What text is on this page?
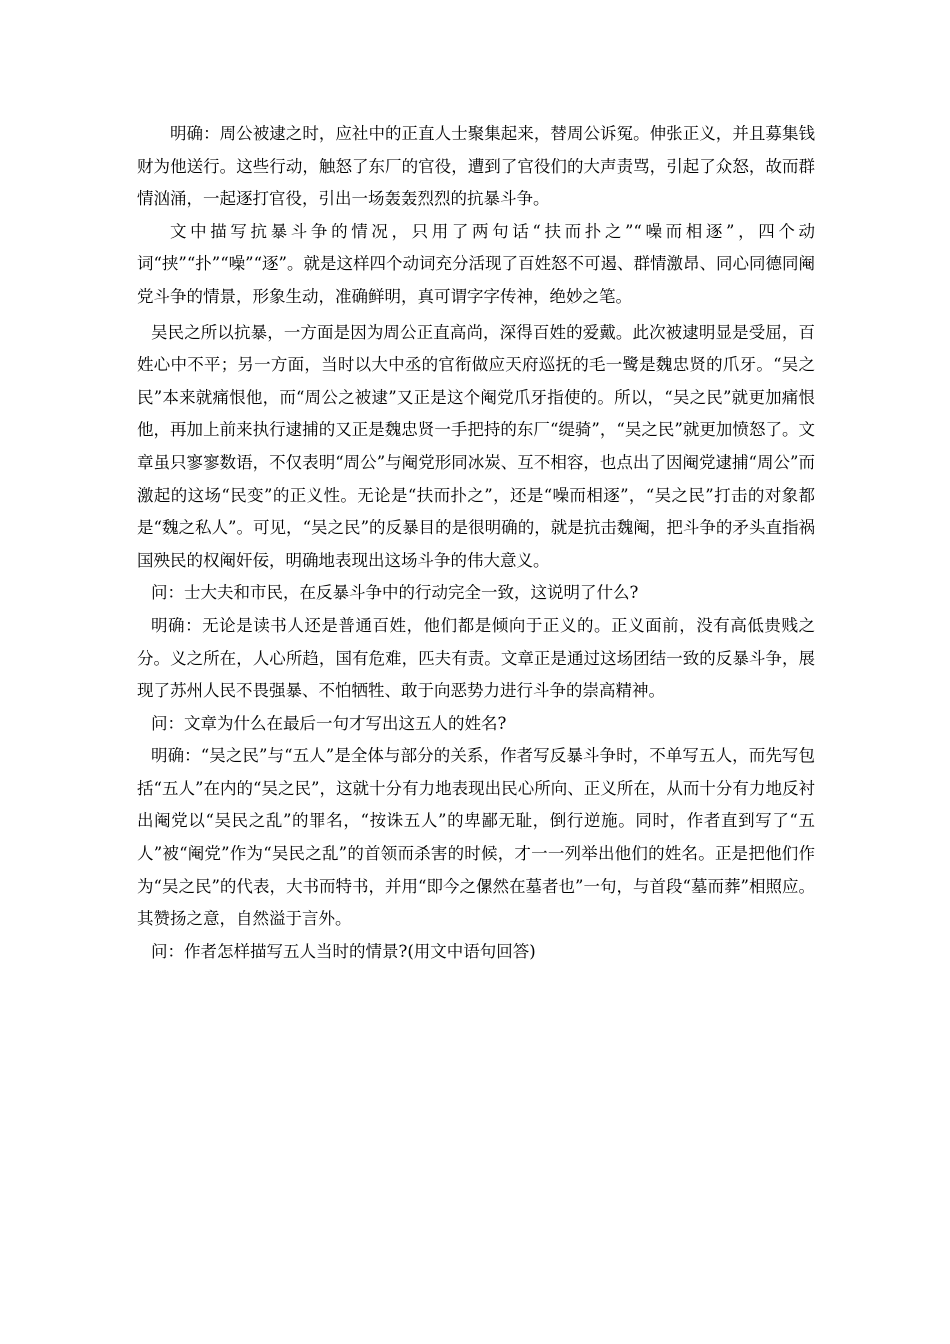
明确：周公被逮之时，应社中的正直人士聚集起来，替周公诉冤。伸张正义，并且募集钱财为他送行。这些行动，触怒了东厂的官役，遭到了官役们的大声责骂，引起了众怒，故而群情汹涌，一起逐打官役，引出一场轰轰烈烈的抗暴斗争。

文中描写抗暴斗争的情况，只用了两句话“扶而扑之”“噪而相逐”，四个动词“挟”“扑”“噪”“逐”。就是这样四个动词充分活现了百姓怒不可遏、群情激昂、同心同德同阉党斗争的情景，形象生动，准确鲜明，真可谓字字传神，绝妙之笔。

吴民之所以抗暴，一方面是因为周公正直高尚，深得百姓的爱戴。此次被逮明显是受屈，百姓心中不平；另一方面，当时以大中丞的官衔做应天府巡抚的毛一鹭是魏忠贤的爪牙。“吴之民”本来就痛恨他，而“周公之被逮”又正是这个阉党爪牙指使的。所以，“吴之民”就更加痛恨他，再加上前来执行逮捕的又正是魏忠贤一手把持的东厂“缇骑”，“吴之民”就更加愤怒了。文章虽只寥寥数语，不仅表明“周公”与阉党形同冰炭、互不相容，也点出了因阉党逮捕“周公”而激起的这场“民变”的正义性。无论是“扶而扑之”，还是“噪而相逐”，“吴之民”打击的对象都是“魏之私人”。可见，“吴之民”的反暴目的是很明确的，就是抗击魏阉，把斗争的矛头直指祸国殃民的权阉奸佞，明确地表现出这场斗争的伟大意义。

问：士大夫和市民，在反暴斗争中的行动完全一致，这说明了什么?

明确：无论是读书人还是普通百姓，他们都是倾向于正义的。正义面前，没有高低贵贱之分。义之所在，人心所趋，国有危难，匹夫有责。文章正是通过这场团结一致的反暴斗争，展现了苏州人民不畏强暴、不怕牺牲、敢于向恶势力进行斗争的崇高精神。

问：文章为什么在最后一句才写出这五人的姓名?

明确：“吴之民”与“五人”是全体与部分的关系，作者写反暴斗争时，不单写五人，而先写包括“五人”在内的“吴之民”，这就十分有力地表现出民心所向、正义所在，从而十分有力地反衬出阉党以“吴民之乱”的罪名，“按诛五人”的卑鄙无耻，倒行逆施。同时，作者直到写了“五人”被“阉党”作为“吴民之乱”的首领而杀害的时候，才一一列举出他们的姓名。正是把他们作为“吴之民”的代表，大书而特书，并用“即今之傫然在墓者也”一句，与首段“墓而葬”相照应。其赞扬之意，自然溢于言外。

问：作者怎样描写五人当时的情景?(用文中语句回答)
